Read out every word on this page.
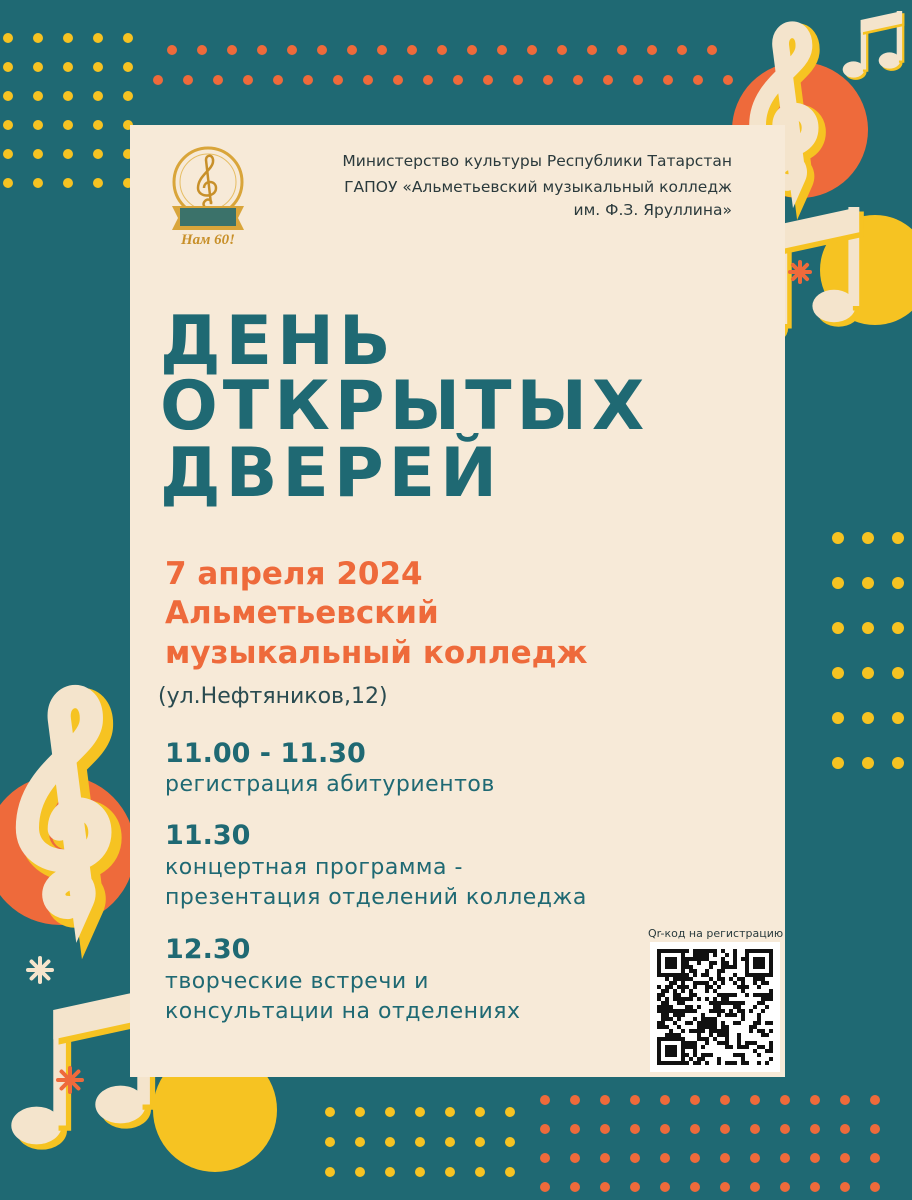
Нам 60!
Министерство культуры Республики Татарстан
ГАПОУ «Альметьевский музыкальный колледж
им. Ф.З. Яруллина»
ДЕНЬ
ОТКРЫТЫХ
ДВЕРЕЙ
7 апреля 2024
Альметьевский
музыкальный колледж
(ул.Нефтяников,12)
11.00 - 11.30
регистрация абитуриентов
11.30
концертная программа -
презентация отделений колледжа
12.30
творческие встречи и
консультации на отделениях
Qr-код на регистрацию
